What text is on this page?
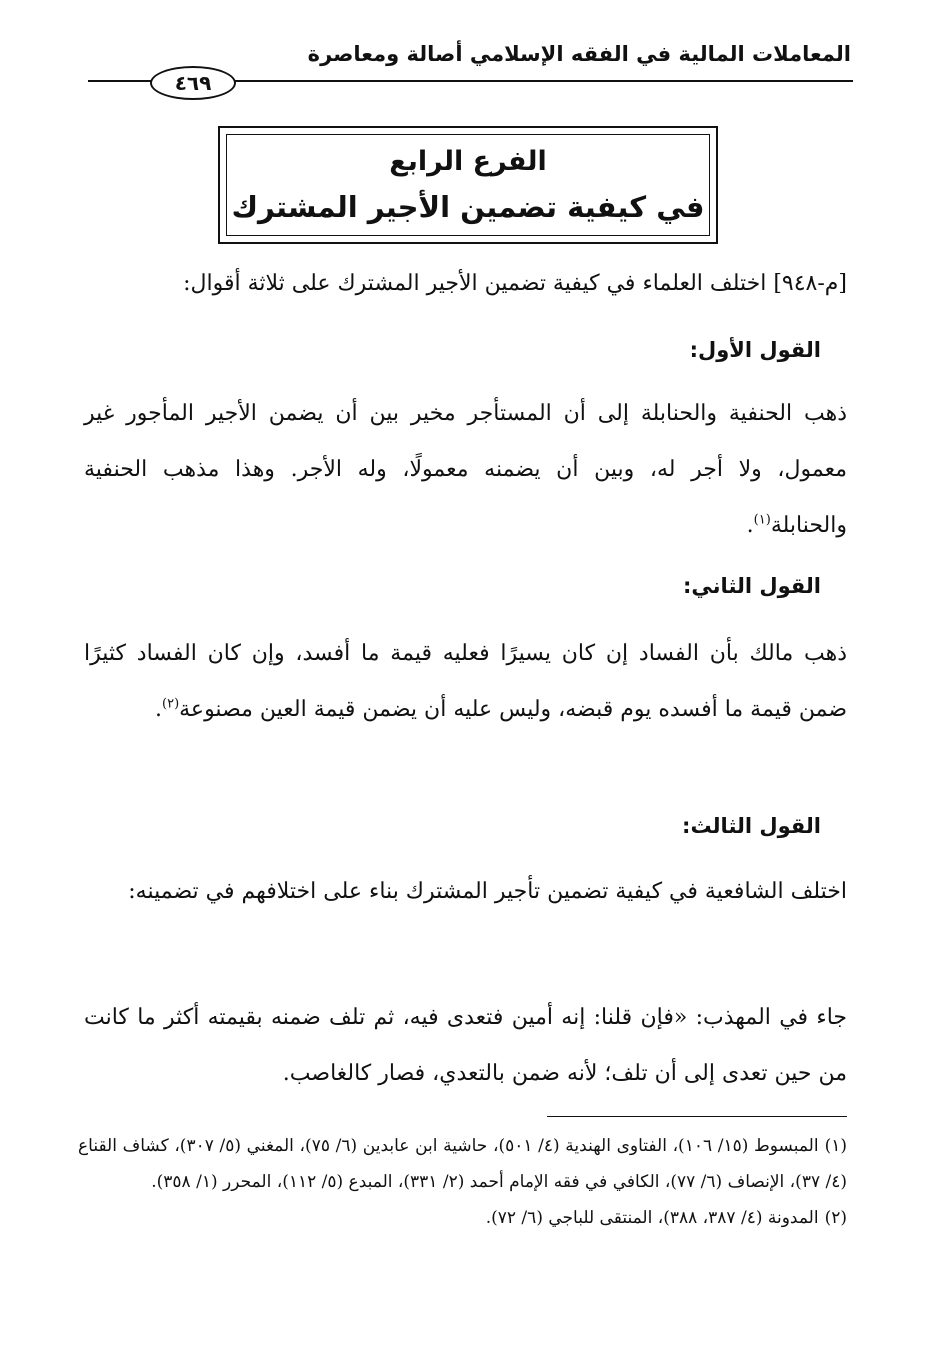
المعاملات المالية في الفقه الإسلامي أصالة ومعاصرة
٤٦٩
الفرع الرابع
في كيفية تضمين الأجير المشترك
[م-٩٤٨] اختلف العلماء في كيفية تضمين الأجير المشترك على ثلاثة أقوال:
القول الأول:
ذهب الحنفية والحنابلة إلى أن المستأجر مخير بين أن يضمن الأجير المأجور غير معمول، ولا أجر له، وبين أن يضمنه معمولًا، وله الأجر. وهذا مذهب الحنفية والحنابلة$^{(١)}$.
القول الثاني:
ذهب مالك بأن الفساد إن كان يسيرًا فعليه قيمة ما أفسد، وإن كان الفساد كثيرًا ضمن قيمة ما أفسده يوم قبضه، وليس عليه أن يضمن قيمة العين مصنوعة$^{(٢)}$.
القول الثالث:
اختلف الشافعية في كيفية تضمين تأجير المشترك بناء على اختلافهم في تضمينه:
جاء في المهذب: «فإن قلنا: إنه أمين فتعدى فيه، ثم تلف ضمنه بقيمته أكثر ما كانت من حين تعدى إلى أن تلف؛ لأنه ضمن بالتعدي، فصار كالغاصب.

(١)المبسوط (١٥/ ١٠٦)، الفتاوى الهندية (٤/ ٥٠١)، حاشية ابن عابدين (٦/ ٧٥)، المغني (٥/ ٣٠٧)، كشاف القناع (٤/ ٣٧)، الإنصاف (٦/ ٧٧)، الكافي في فقه الإمام أحمد (٢/ ٣٣١)، المبدع (٥/ ١١٢)، المحرر (١/ ٣٥٨).

(٢)المدونة (٤/ ٣٨٧، ٣٨٨)، المنتقى للباجي (٦/ ٧٢).
